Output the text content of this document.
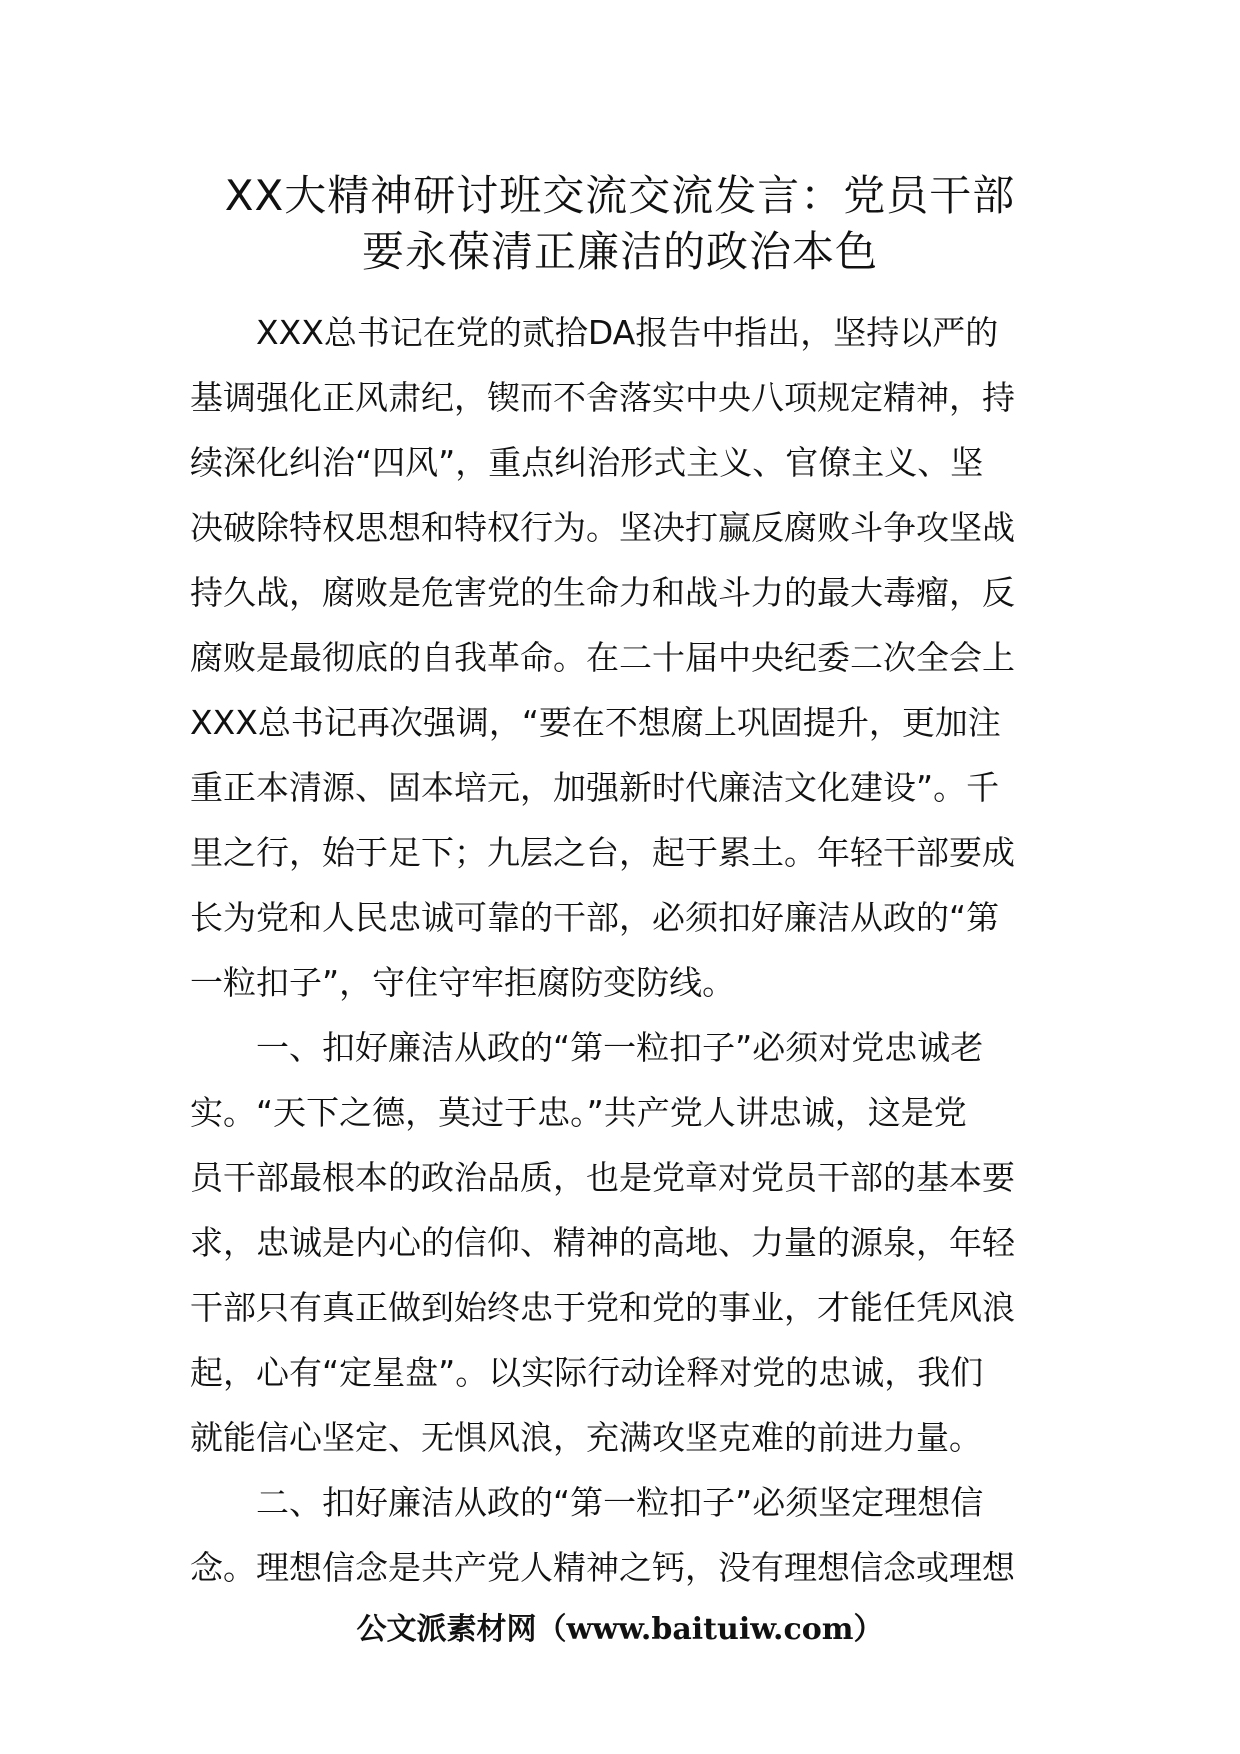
XX大精神研讨班交流交流发言：党员干部
要永葆清正廉洁的政治本色

XXX总书记在党的贰拾DA报告中指出，坚持以严的
基调强化正风肃纪，锲而不舍落实中央八项规定精神，持
续深化纠治“四风”，重点纠治形式主义、官僚主义、坚
决破除特权思想和特权行为。坚决打赢反腐败斗争攻坚战
持久战，腐败是危害党的生命力和战斗力的最大毒瘤，反
腐败是最彻底的自我革命。在二十届中央纪委二次全会上
XXX总书记再次强调，“要在不想腐上巩固提升，更加注
重正本清源、固本培元，加强新时代廉洁文化建设”。千
里之行，始于足下；九层之台，起于累土。年轻干部要成
长为党和人民忠诚可靠的干部，必须扣好廉洁从政的“第
一粒扣子”，守住守牢拒腐防变防线。

一、扣好廉洁从政的“第一粒扣子”必须对党忠诚老
实。“天下之德，莫过于忠。”共产党人讲忠诚，这是党
员干部最根本的政治品质，也是党章对党员干部的基本要
求，忠诚是内心的信仰、精神的高地、力量的源泉，年轻
干部只有真正做到始终忠于党和党的事业，才能任凭风浪
起，心有“定星盘”。以实际行动诠释对党的忠诚，我们
就能信心坚定、无惧风浪，充满攻坚克难的前进力量。

二、扣好廉洁从政的“第一粒扣子”必须坚定理想信
念。理想信念是共产党人精神之钙，没有理想信念或理想

公文派素材网（www.baituiw.com）
